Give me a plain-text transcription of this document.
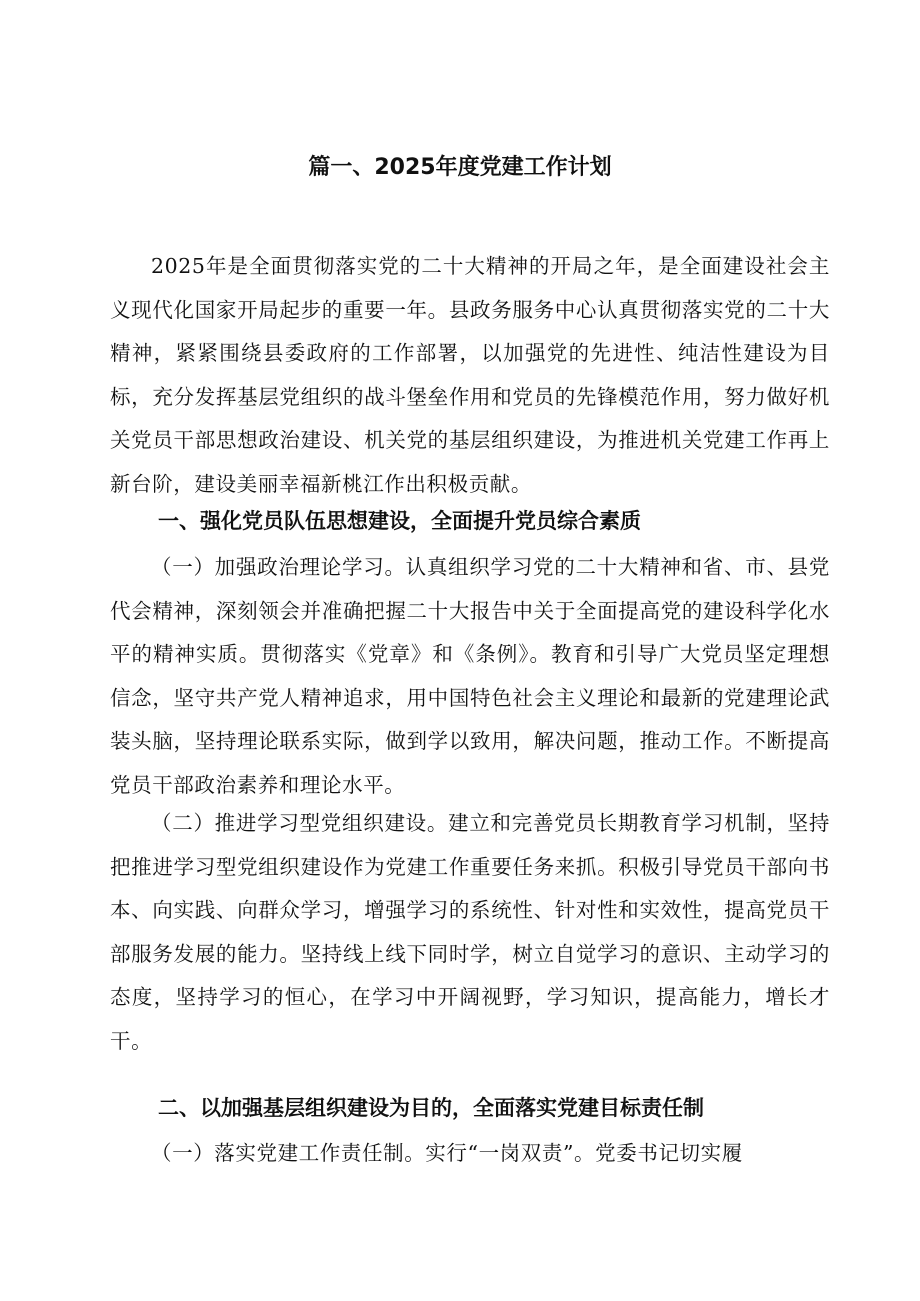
篇一、2025年度党建工作计划

2025年是全面贯彻落实党的二十大精神的开局之年，是全面建设社会主义现代化国家开局起步的重要一年。县政务服务中心认真贯彻落实党的二十大精神，紧紧围绕县委政府的工作部署，以加强党的先进性、纯洁性建设为目标，充分发挥基层党组织的战斗堡垒作用和党员的先锋模范作用，努力做好机关党员干部思想政治建设、机关党的基层组织建设，为推进机关党建工作再上新台阶，建设美丽幸福新桃江作出积极贡献。

一、强化党员队伍思想建设，全面提升党员综合素质

（一）加强政治理论学习。认真组织学习党的二十大精神和省、市、县党代会精神，深刻领会并准确把握二十大报告中关于全面提高党的建设科学化水平的精神实质。贯彻落实《党章》和《条例》。教育和引导广大党员坚定理想信念，坚守共产党人精神追求，用中国特色社会主义理论和最新的党建理论武装头脑，坚持理论联系实际，做到学以致用，解决问题，推动工作。不断提高党员干部政治素养和理论水平。

（二）推进学习型党组织建设。建立和完善党员长期教育学习机制，坚持把推进学习型党组织建设作为党建工作重要任务来抓。积极引导党员干部向书本、向实践、向群众学习，增强学习的系统性、针对性和实效性，提高党员干部服务发展的能力。坚持线上线下同时学，树立自觉学习的意识、主动学习的态度，坚持学习的恒心，在学习中开阔视野，学习知识，提高能力，增长才干。

二、以加强基层组织建设为目的，全面落实党建目标责任制

（一）落实党建工作责任制。实行“一岗双责”。党委书记切实履
